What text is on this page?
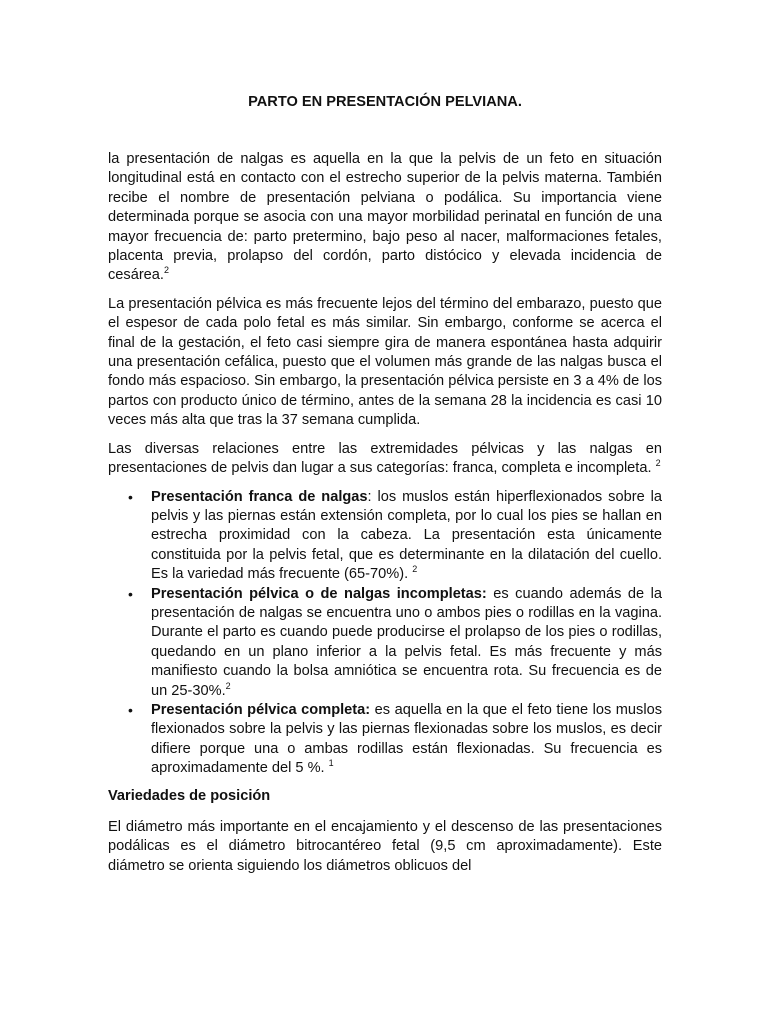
PARTO EN PRESENTACIÓN PELVIANA.

la presentación de nalgas es aquella en la que la pelvis de un feto en situación longitudinal está en contacto con el estrecho superior de la pelvis materna. También recibe el nombre de presentación pelviana o podálica. Su importancia viene determinada porque se asocia con una mayor morbilidad perinatal en función de una mayor frecuencia de: parto pretermino, bajo peso al nacer, malformaciones fetales, placenta previa, prolapso del cordón, parto distócico y elevada incidencia de cesárea.$^2$

La presentación pélvica es más frecuente lejos del término del embarazo, puesto que el espesor de cada polo fetal es más similar. Sin embargo, conforme se acerca el final de la gestación, el feto casi siempre gira de manera espontánea hasta adquirir una presentación cefálica, puesto que el volumen más grande de las nalgas busca el fondo más espacioso. Sin embargo, la presentación pélvica persiste en 3 a 4% de los partos con producto único de término, antes de la semana 28 la incidencia es casi 10 veces más alta que tras la 37 semana cumplida.

Las diversas relaciones entre las extremidades pélvicas y las nalgas en presentaciones de pelvis dan lugar a sus categorías: franca, completa e incompleta. $^2$

• Presentación franca de nalgas: los muslos están hiperflexionados sobre la pelvis y las piernas están extensión completa, por lo cual los pies se hallan en estrecha proximidad con la cabeza. La presentación esta únicamente constituida por la pelvis fetal, que es determinante en la dilatación del cuello. Es la variedad más frecuente (65-70%). $^2$
• Presentación pélvica o de nalgas incompletas: es cuando además de la presentación de nalgas se encuentra uno o ambos pies o rodillas en la vagina. Durante el parto es cuando puede producirse el prolapso de los pies o rodillas, quedando en un plano inferior a la pelvis fetal. Es más frecuente y más manifiesto cuando la bolsa amniótica se encuentra rota. Su frecuencia es de un 25-30%.$^2$
• Presentación pélvica completa: es aquella en la que el feto tiene los muslos flexionados sobre la pelvis y las piernas flexionadas sobre los muslos, es decir difiere porque una o ambas rodillas están flexionadas. Su frecuencia es aproximadamente del 5 %. $^1$
Variedades de posición

El diámetro más importante en el encajamiento y el descenso de las presentaciones podálicas es el diámetro bitrocantéreo fetal (9,5 cm aproximadamente). Este diámetro se orienta siguiendo los diámetros oblicuos del
